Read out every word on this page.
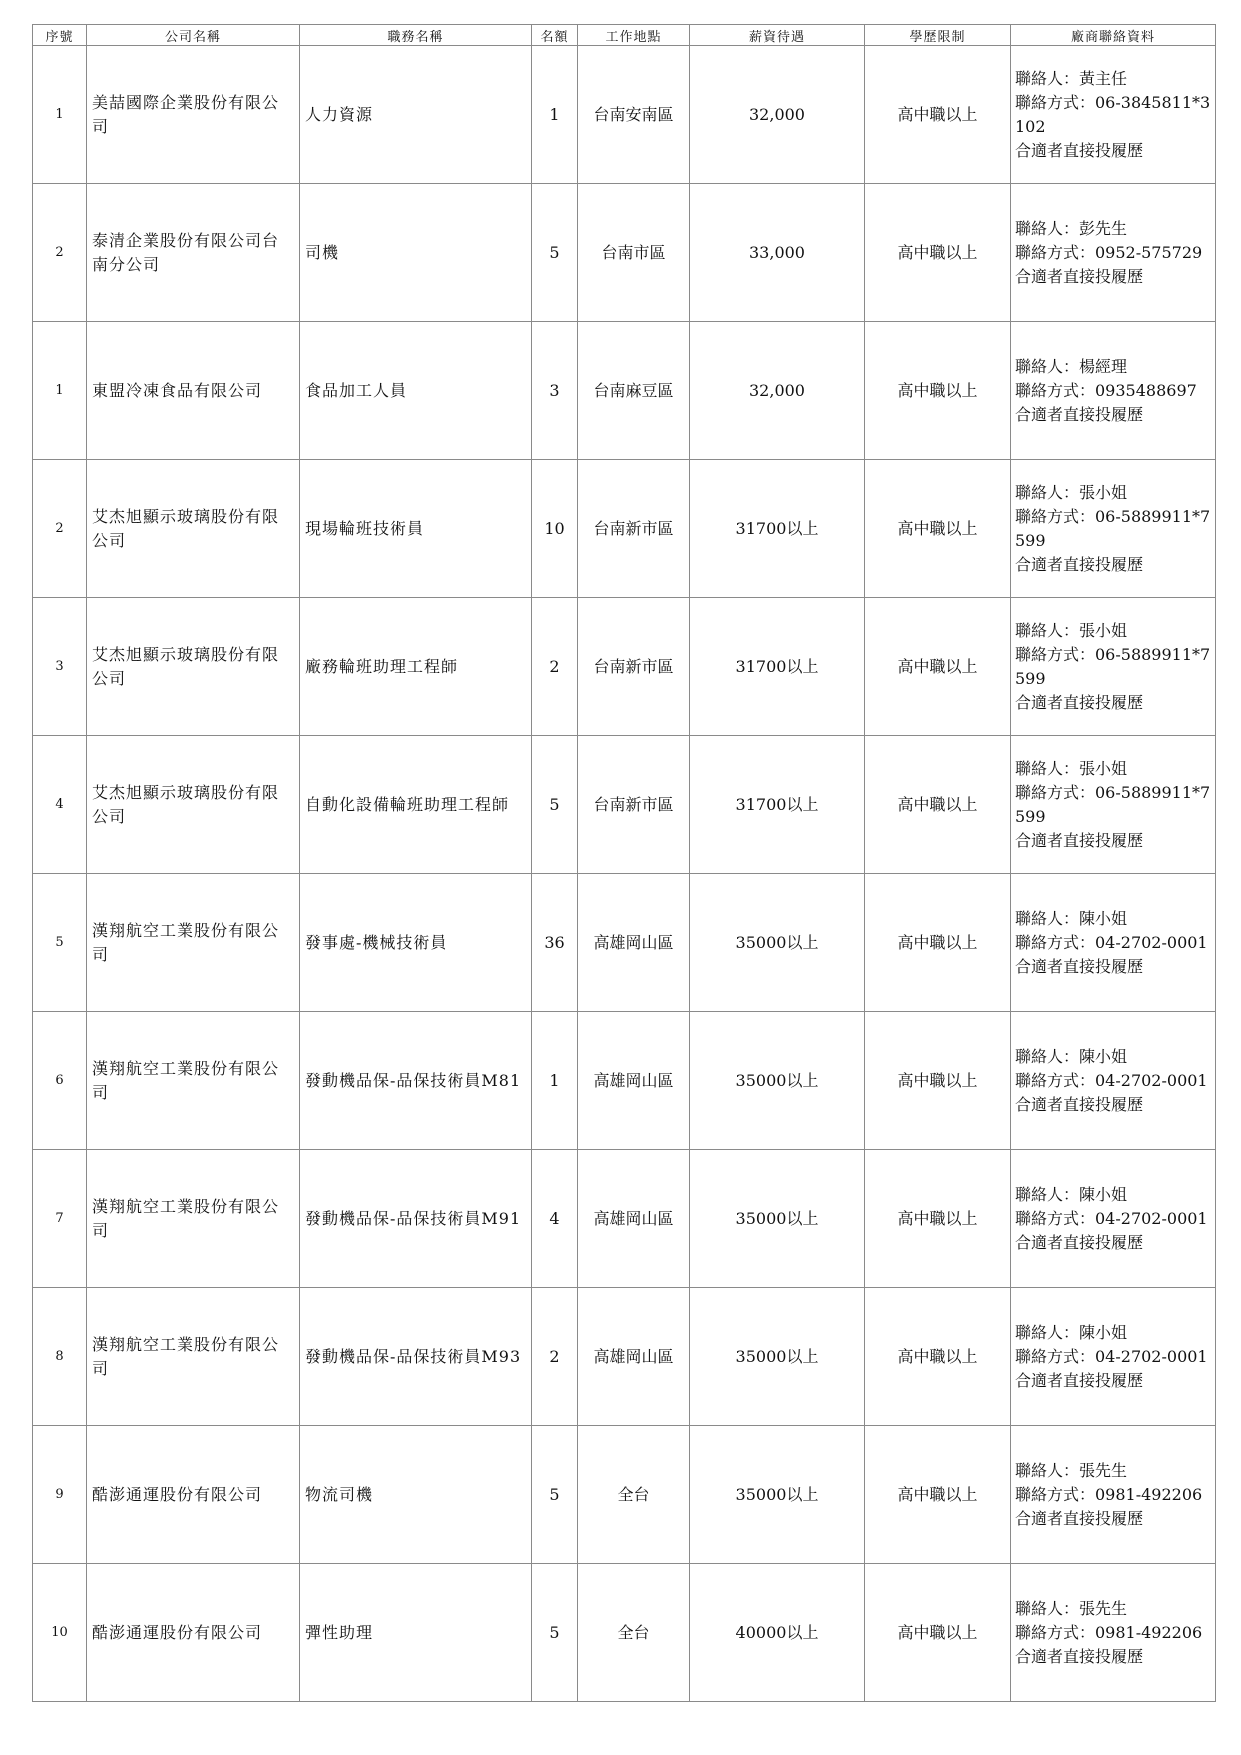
序號	公司名稱	職務名稱	名額	工作地點	薪資待遇	學歷限制	廠商聯絡資料
1	美喆國際企業股份有限公司	人力資源	1	台南安南區	32,000	高中職以上	聯絡人：黃主任
聯絡方式：06-3845811*3102
合適者直接投履歷

2	泰清企業股份有限公司台南分公司	司機	5	台南市區	33,000	高中職以上	聯絡人：彭先生
聯絡方式：0952-575729
合適者直接投履歷

1	東盟冷凍食品有限公司	食品加工人員	3	台南麻豆區	32,000	高中職以上	聯絡人：楊經理
聯絡方式：0935488697
合適者直接投履歷

2	艾杰旭顯示玻璃股份有限公司	現場輪班技術員	10	台南新市區	31700以上	高中職以上	聯絡人：張小姐
聯絡方式：06-5889911*7599
合適者直接投履歷

3	艾杰旭顯示玻璃股份有限公司	廠務輪班助理工程師	2	台南新市區	31700以上	高中職以上	聯絡人：張小姐
聯絡方式：06-5889911*7599
合適者直接投履歷

4	艾杰旭顯示玻璃股份有限公司	自動化設備輪班助理工程師	5	台南新市區	31700以上	高中職以上	聯絡人：張小姐
聯絡方式：06-5889911*7599
合適者直接投履歷

5	漢翔航空工業股份有限公司	發事處-機械技術員	36	高雄岡山區	35000以上	高中職以上	聯絡人：陳小姐
聯絡方式：04-2702-0001
合適者直接投履歷

6	漢翔航空工業股份有限公司	發動機品保-品保技術員M81	1	高雄岡山區	35000以上	高中職以上	聯絡人：陳小姐
聯絡方式：04-2702-0001
合適者直接投履歷

7	漢翔航空工業股份有限公司	發動機品保-品保技術員M91	4	高雄岡山區	35000以上	高中職以上	聯絡人：陳小姐
聯絡方式：04-2702-0001
合適者直接投履歷

8	漢翔航空工業股份有限公司	發動機品保-品保技術員M93	2	高雄岡山區	35000以上	高中職以上	聯絡人：陳小姐
聯絡方式：04-2702-0001
合適者直接投履歷

9	酷澎通運股份有限公司	物流司機	5	全台	35000以上	高中職以上	聯絡人：張先生
聯絡方式：0981-492206
合適者直接投履歷

10	酷澎通運股份有限公司	彈性助理	5	全台	40000以上	高中職以上	聯絡人：張先生
聯絡方式：0981-492206
合適者直接投履歷
